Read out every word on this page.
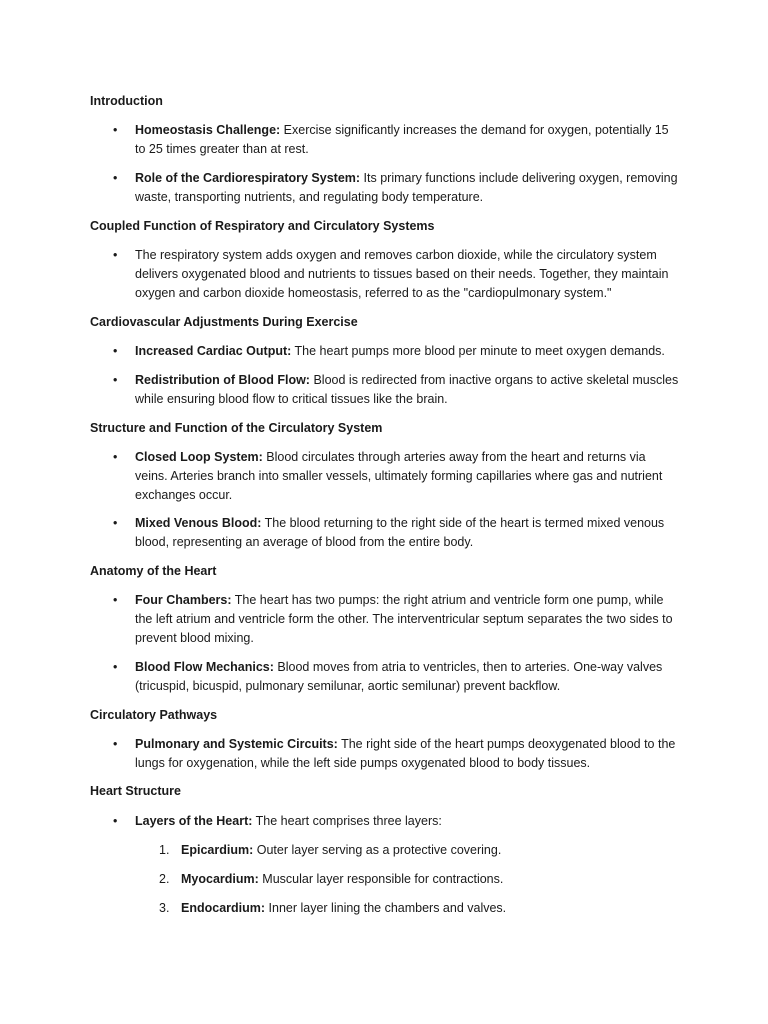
Introduction
• Homeostasis Challenge: Exercise significantly increases the demand for oxygen, potentially 15 to 25 times greater than at rest.
• Role of the Cardiorespiratory System: Its primary functions include delivering oxygen, removing waste, transporting nutrients, and regulating body temperature.
Coupled Function of Respiratory and Circulatory Systems
• The respiratory system adds oxygen and removes carbon dioxide, while the circulatory system delivers oxygenated blood and nutrients to tissues based on their needs. Together, they maintain oxygen and carbon dioxide homeostasis, referred to as the "cardiopulmonary system."
Cardiovascular Adjustments During Exercise
• Increased Cardiac Output: The heart pumps more blood per minute to meet oxygen demands.
• Redistribution of Blood Flow: Blood is redirected from inactive organs to active skeletal muscles while ensuring blood flow to critical tissues like the brain.
Structure and Function of the Circulatory System
• Closed Loop System: Blood circulates through arteries away from the heart and returns via veins. Arteries branch into smaller vessels, ultimately forming capillaries where gas and nutrient exchanges occur.
• Mixed Venous Blood: The blood returning to the right side of the heart is termed mixed venous blood, representing an average of blood from the entire body.
Anatomy of the Heart
• Four Chambers: The heart has two pumps: the right atrium and ventricle form one pump, while the left atrium and ventricle form the other. The interventricular septum separates the two sides to prevent blood mixing.
• Blood Flow Mechanics: Blood moves from atria to ventricles, then to arteries. One-way valves (tricuspid, bicuspid, pulmonary semilunar, aortic semilunar) prevent backflow.
Circulatory Pathways
• Pulmonary and Systemic Circuits: The right side of the heart pumps deoxygenated blood to the lungs for oxygenation, while the left side pumps oxygenated blood to body tissues.
Heart Structure
• Layers of the Heart: The heart comprises three layers:
1. Epicardium: Outer layer serving as a protective covering.
2. Myocardium: Muscular layer responsible for contractions.
3. Endocardium: Inner layer lining the chambers and valves.
